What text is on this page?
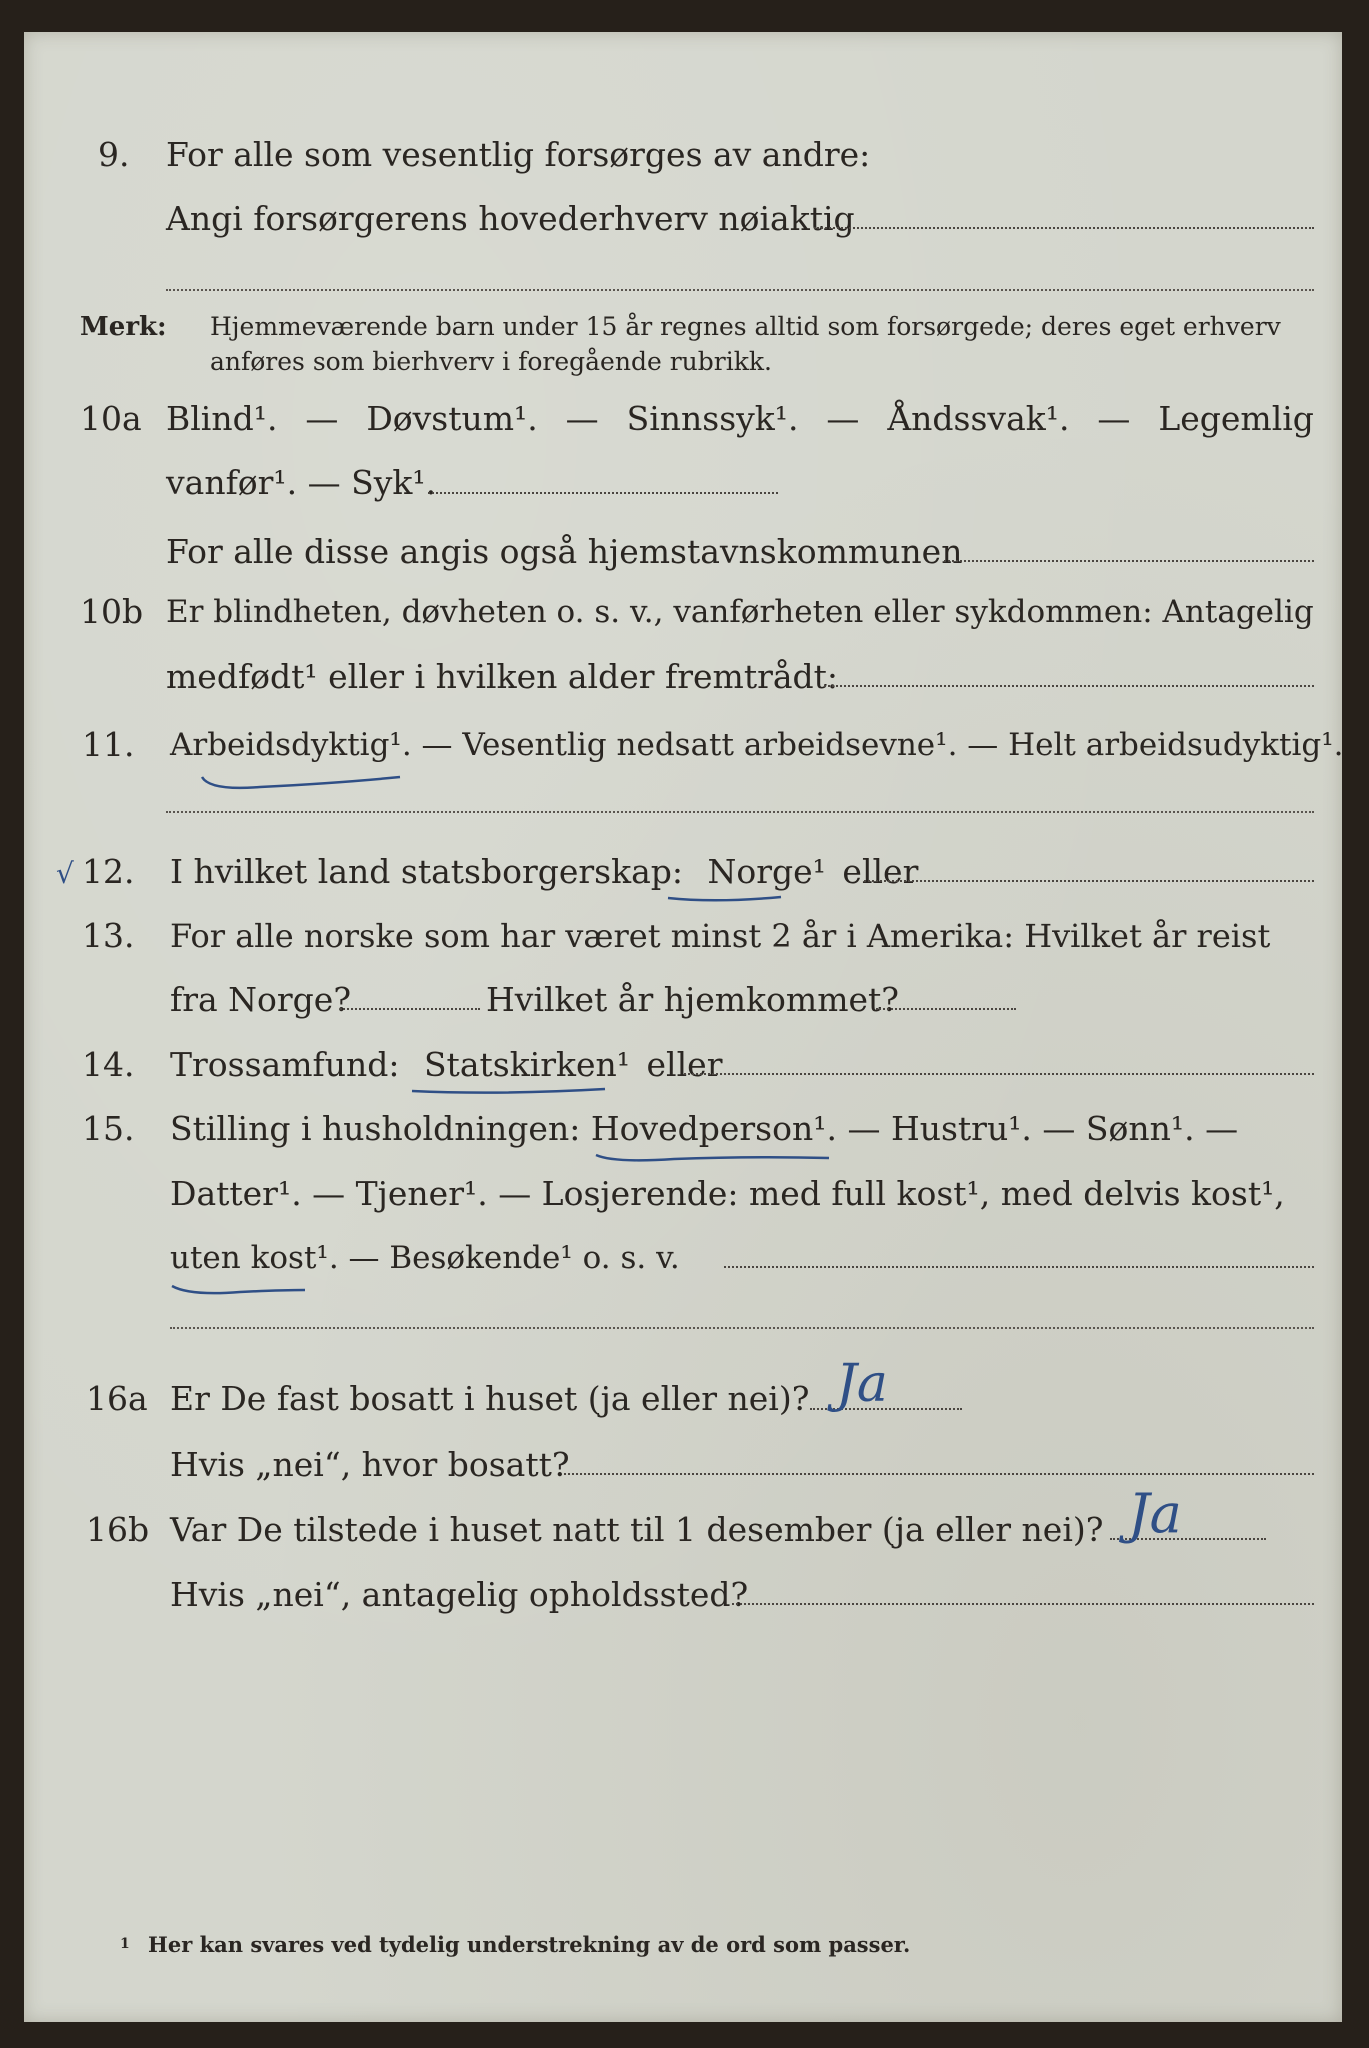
9. For alle som vesentlig forsørges av andre:
Angi forsørgerens hovederhverv nøiaktig
Merk: Hjemmeværende barn under 15 år regnes alltid som forsørgede; deres eget erhverv
anføres som bierhverv i foregående rubrikk.
10a Blind¹. — Døvstum¹. — Sinnssyk¹. — Åndssvak¹. — Legemlig
vanfør¹. — Syk¹.
For alle disse angis også hjemstavnskommunen
10b Er blindheten, døvheten o. s. v., vanførheten eller sykdommen: Antagelig
medfødt¹ eller i hvilken alder fremtrådt:
11. Arbeidsdyktig¹. — Vesentlig nedsatt arbeidsevne¹. — Helt arbeidsudyktig¹.
√ 12. I hvilket land statsborgerskap: Norge¹ eller
13. For alle norske som har været minst 2 år i Amerika: Hvilket år reist
fra Norge?	Hvilket år hjemkommet?
14. Trossamfund: Statskirken¹ eller
15. Stilling i husholdningen: Hovedperson¹. — Hustru¹. — Sønn¹. —
Datter¹. — Tjener¹. — Losjerende: med full kost¹, med delvis kost¹,
uten kost¹. — Besøkende¹ o. s. v.
16a Er De fast bosatt i huset (ja eller nei)? Ja
Hvis „nei“, hvor bosatt?
16b Var De tilstede i huset natt til 1 desember (ja eller nei)? Ja
Hvis „nei“, antagelig opholdssted?
1 Her kan svares ved tydelig understrekning av de ord som passer.
